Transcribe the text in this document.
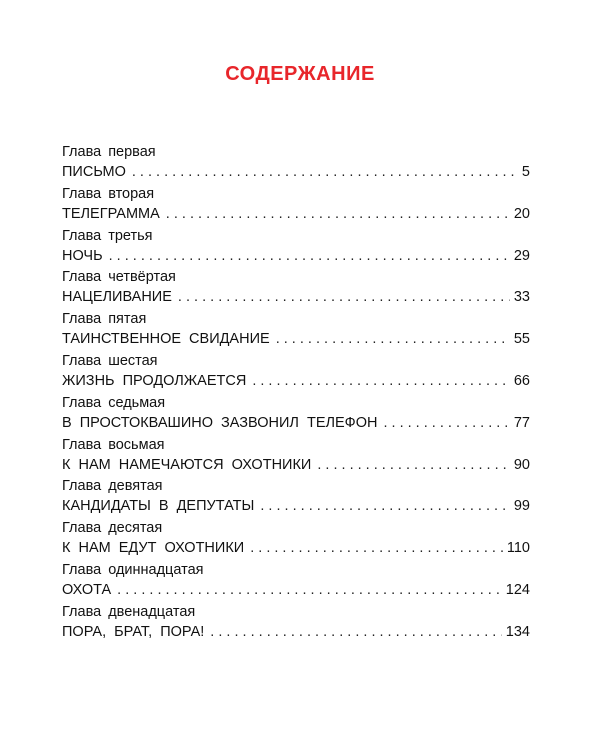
СОДЕРЖАНИЕ
Глава первая
ПИСЬМО . . .	5
Глава вторая
ТЕЛЕГРАММА . . .	20
Глава третья
НОЧЬ . . .	29
Глава четвёртая
НАЦЕЛИВАНИЕ . . .	33
Глава пятая
ТАИНСТВЕННОЕ СВИДАНИЕ . . .	55
Глава шестая
ЖИЗНЬ ПРОДОЛЖАЕТСЯ . . .	66
Глава седьмая
В ПРОСТОКВАШИНО ЗАЗВОНИЛ ТЕЛЕФОН . . .	77
Глава восьмая
К НАМ НАМЕЧАЮТСЯ ОХОТНИКИ . . .	90
Глава девятая
КАНДИДАТЫ В ДЕПУТАТЫ . . .	99
Глава десятая
К НАМ ЕДУТ ОХОТНИКИ . . .	110
Глава одиннадцатая
ОХОТА . . .	124
Глава двенадцатая
ПОРА, БРАТ, ПОРА! . . .	134
